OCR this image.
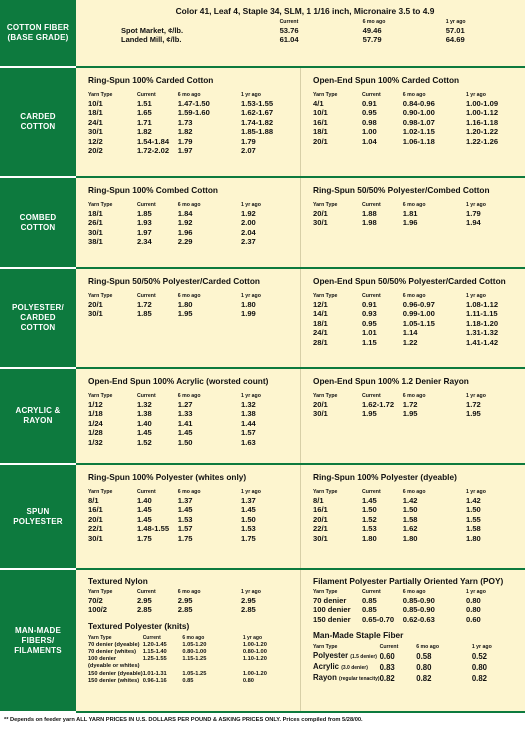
COTTON FIBER (BASE GRADE)
Color 41, Leaf 4, Staple 34, SLM, 1 1/16 inch, Micronaire 3.5 to 4.9
	Current	6 mo ago	1 yr ago
Spot Market, ¢/lb.	53.76	49.46	57.01
Landed Mill, ¢/lb.	61.04	57.79	64.69
CARDED COTTON
Ring-Spun 100% Carded Cotton
Yarn Type	Current	6 mo ago	1 yr ago
10/1	1.51	1.47-1.50	1.53-1.55
18/1	1.65	1.59-1.60	1.62-1.67
24/1	1.71	1.73	1.74-1.82
30/1	1.82	1.82	1.85-1.88
12/2	1.54-1.84	1.79	1.79
20/2	1.72-2.02	1.97	2.07
Open-End Spun 100% Carded Cotton
Yarn Type	Current	6 mo ago	1 yr ago
4/1	0.91	0.84-0.96	1.00-1.09
10/1	0.95	0.90-1.00	1.00-1.12
16/1	0.98	0.98-1.07	1.16-1.18
18/1	1.00	1.02-1.15	1.20-1.22
20/1	1.04	1.06-1.18	1.22-1.26
COMBED COTTON
Ring-Spun 100% Combed Cotton
Yarn Type	Current	6 mo ago	1 yr ago
18/1	1.85	1.84	1.92
26/1	1.93	1.92	2.00
30/1	1.97	1.96	2.04
38/1	2.34	2.29	2.37
Ring-Spun 50/50% Polyester/Combed Cotton
Yarn Type	Current	6 mo ago	1 yr ago
20/1	1.88	1.81	1.79
30/1	1.98	1.96	1.94
POLYESTER/ CARDED COTTON
Ring-Spun 50/50% Polyester/Carded Cotton
Yarn Type	Current	6 mo ago	1 yr ago
20/1	1.72	1.80	1.80
30/1	1.85	1.95	1.99
Open-End Spun 50/50% Polyester/Carded Cotton
Yarn Type	Current	6 mo ago	1 yr ago
12/1	0.91	0.96-0.97	1.08-1.12
14/1	0.93	0.99-1.00	1.11-1.15
18/1	0.95	1.05-1.15	1.18-1.20
24/1	1.01	1.14	1.31-1.32
28/1	1.15	1.22	1.41-1.42
ACRYLIC & RAYON
Open-End Spun 100% Acrylic (worsted count)
Yarn Type	Current	6 mo ago	1 yr ago
1/12	1.32	1.27	1.32
1/18	1.38	1.33	1.38
1/24	1.40	1.41	1.44
1/28	1.45	1.45	1.57
1/32	1.52	1.50	1.63
Open-End Spun 100% 1.2 Denier Rayon
Yarn Type	Current	6 mo ago	1 yr ago
20/1	1.62-1.72	1.72	1.72
30/1	1.95	1.95	1.95
SPUN POLYESTER
Ring-Spun 100% Polyester (whites only)
Yarn Type	Current	6 mo ago	1 yr ago
8/1	1.40	1.37	1.37
16/1	1.45	1.45	1.45
20/1	1.45	1.53	1.50
22/1	1.48-1.55	1.57	1.53
30/1	1.75	1.75	1.75
Ring-Spun 100% Polyester (dyeable)
Yarn Type	Current	6 mo ago	1 yr ago
8/1	1.45	1.42	1.42
16/1	1.50	1.50	1.50
20/1	1.52	1.58	1.55
22/1	1.53	1.62	1.58
30/1	1.80	1.80	1.80
MAN-MADE FIBERS/ FILAMENTS
Textured Nylon
Yarn Type	Current	6 mo ago	1 yr ago
70/2	2.95	2.95	2.95
100/2	2.85	2.85	2.85
Textured Polyester (knits)
Yarn Type	Current	6 mo ago	1 yr ago
70 denier (dyeable)	1.20-1.45	1.05-1.20	1.00-1.20
70 denier (whites)	1.15-1.40	0.80-1.00	0.80-1.00
100 denier	1.25-1.55	1.15-1.25	1.10-1.20
(dyeable or whites)			
150 denier (dyeable)	1.01-1.31	1.05-1.25	1.00-1.20
150 denier (whites)	0.96-1.16	0.85	0.80
Filament Polyester Partially Oriented Yarn (POY)
Yarn Type	Current	6 mo ago	1 yr ago
70 denier	0.85	0.85-0.90	0.80
100 denier	0.85	0.85-0.90	0.80
150 denier	0.65-0.70	0.62-0.63	0.60
Man-Made Staple Fiber
Yarn Type	Current	6 mo ago	1 yr ago
Polyester (1.5 denier)	0.60	0.58	0.52
Acrylic (3.0 denier)	0.83	0.80	0.80
Rayon (regular tenacity)	0.82	0.82	0.82
** Depends on feeder yarn ALL YARN PRICES IN U.S. DOLLARS PER POUND & ASKING PRICES ONLY. Prices compiled from 5/28/00.
